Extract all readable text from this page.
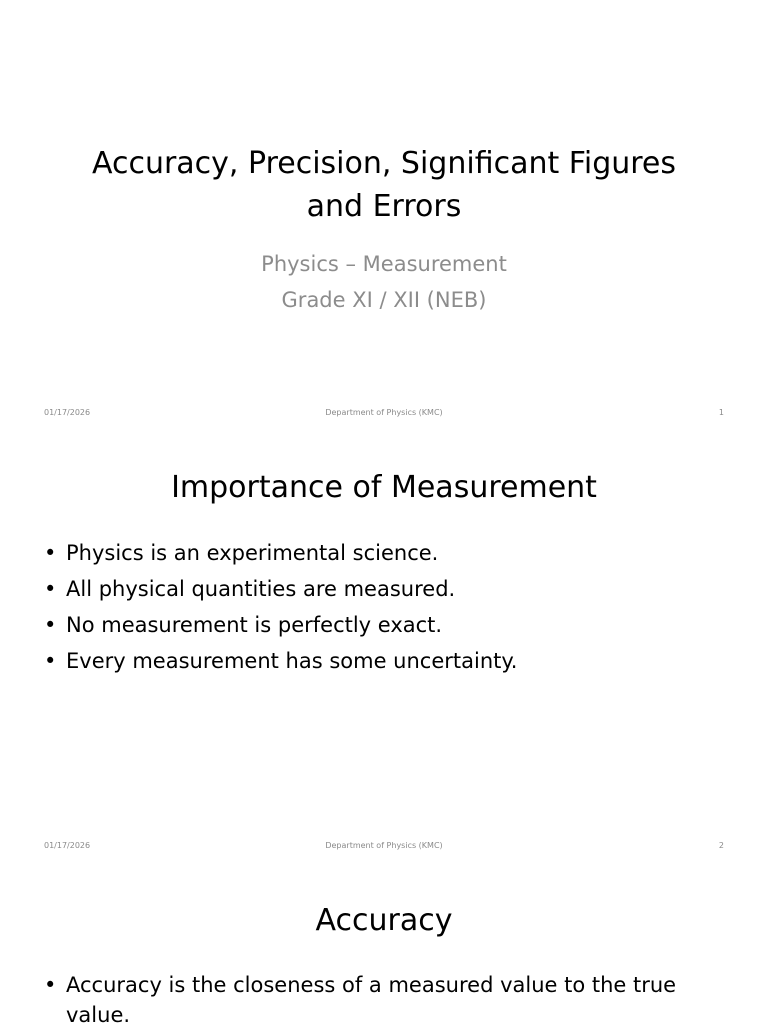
Accuracy, Precision, Significant Figures and Errors
Physics – Measurement
Grade XI / XII (NEB)
01/17/2026	Department of Physics (KMC)	1
Importance of Measurement
• Physics is an experimental science.
• All physical quantities are measured.
• No measurement is perfectly exact.
• Every measurement has some uncertainty.
01/17/2026	Department of Physics (KMC)	2
Accuracy
• Accuracy is the closeness of a measured value to the true value.
